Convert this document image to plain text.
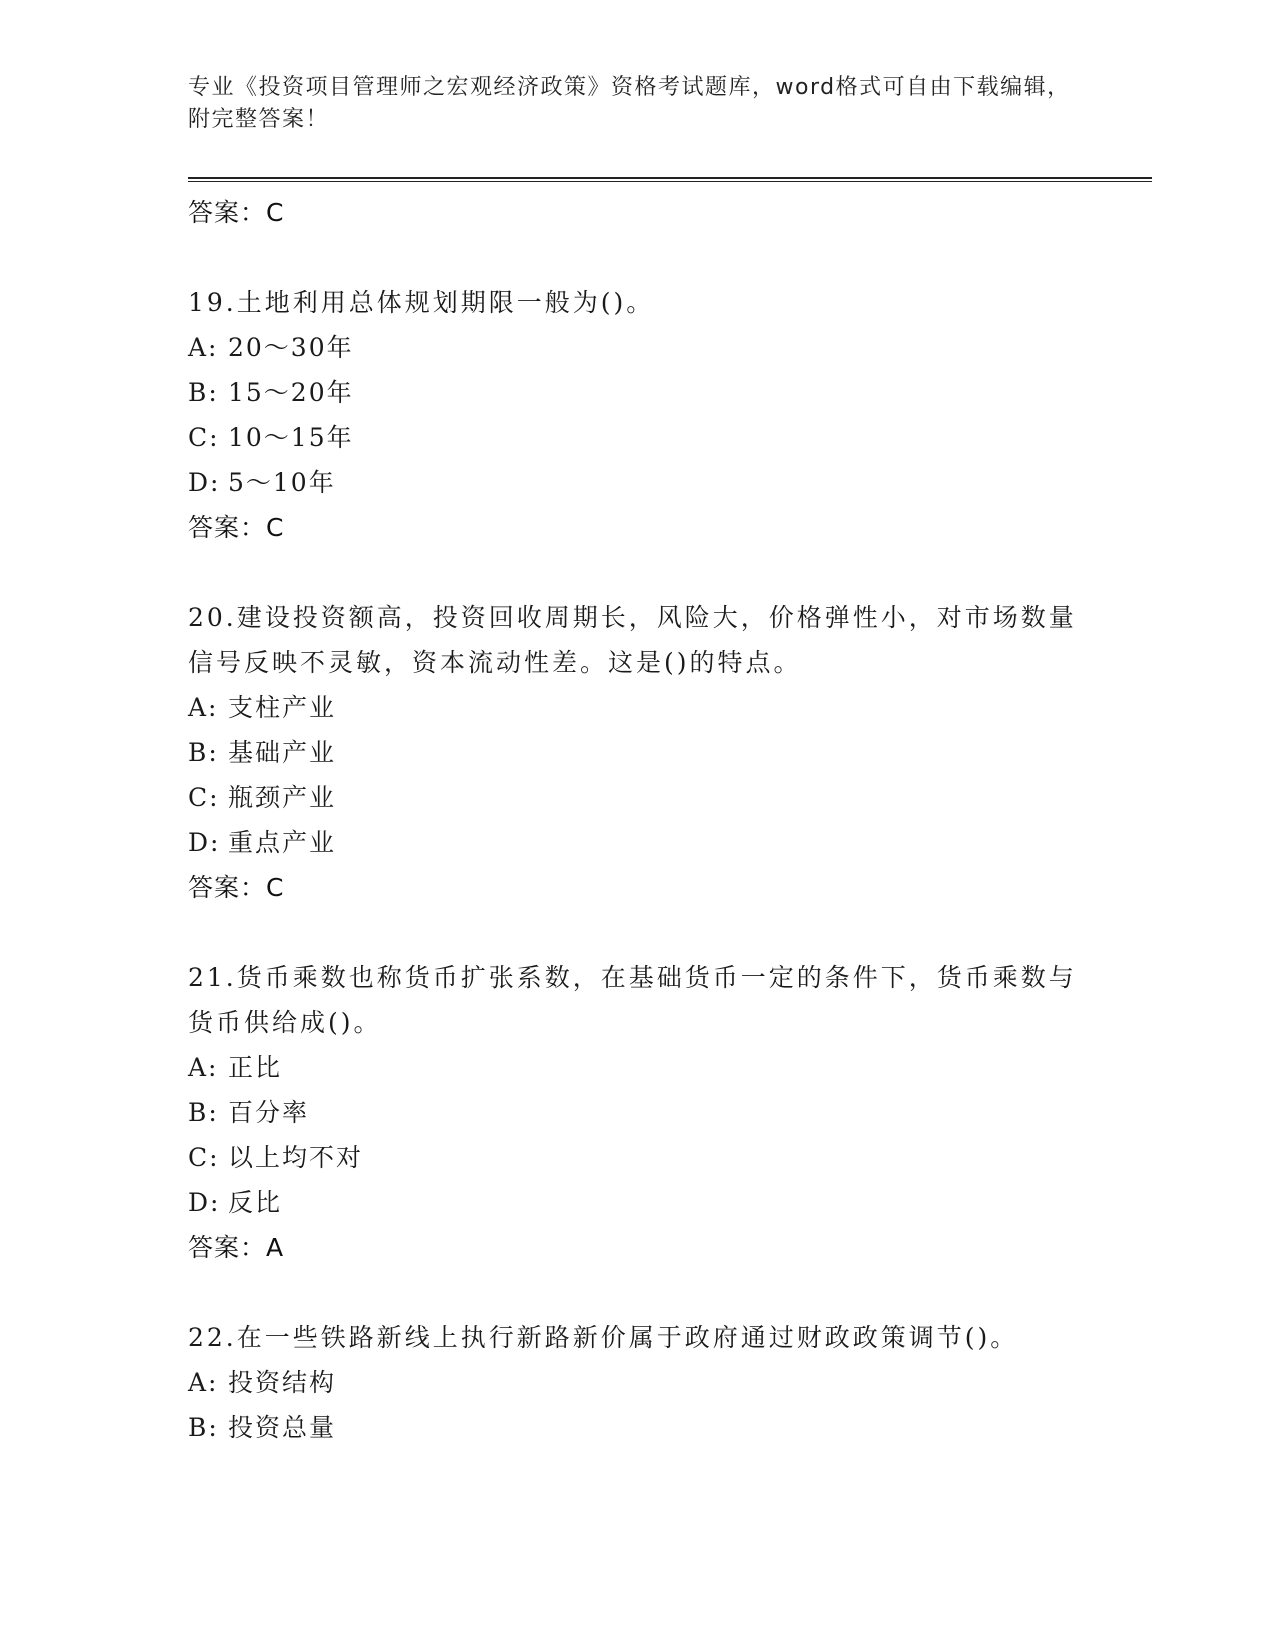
专业《投资项目管理师之宏观经济政策》资格考试题库，word格式可自由下载编辑，附完整答案！
答案：C
19.土地利用总体规划期限一般为()。
A: 20～30年
B: 15～20年
C: 10～15年
D: 5～10年
答案：C
20.建设投资额高，投资回收周期长，风险大，价格弹性小，对市场数量信号反映不灵敏，资本流动性差。这是()的特点。
A: 支柱产业
B: 基础产业
C: 瓶颈产业
D: 重点产业
答案：C
21.货币乘数也称货币扩张系数，在基础货币一定的条件下，货币乘数与货币供给成()。
A: 正比
B: 百分率
C: 以上均不对
D: 反比
答案：A
22.在一些铁路新线上执行新路新价属于政府通过财政政策调节()。
A: 投资结构
B: 投资总量
